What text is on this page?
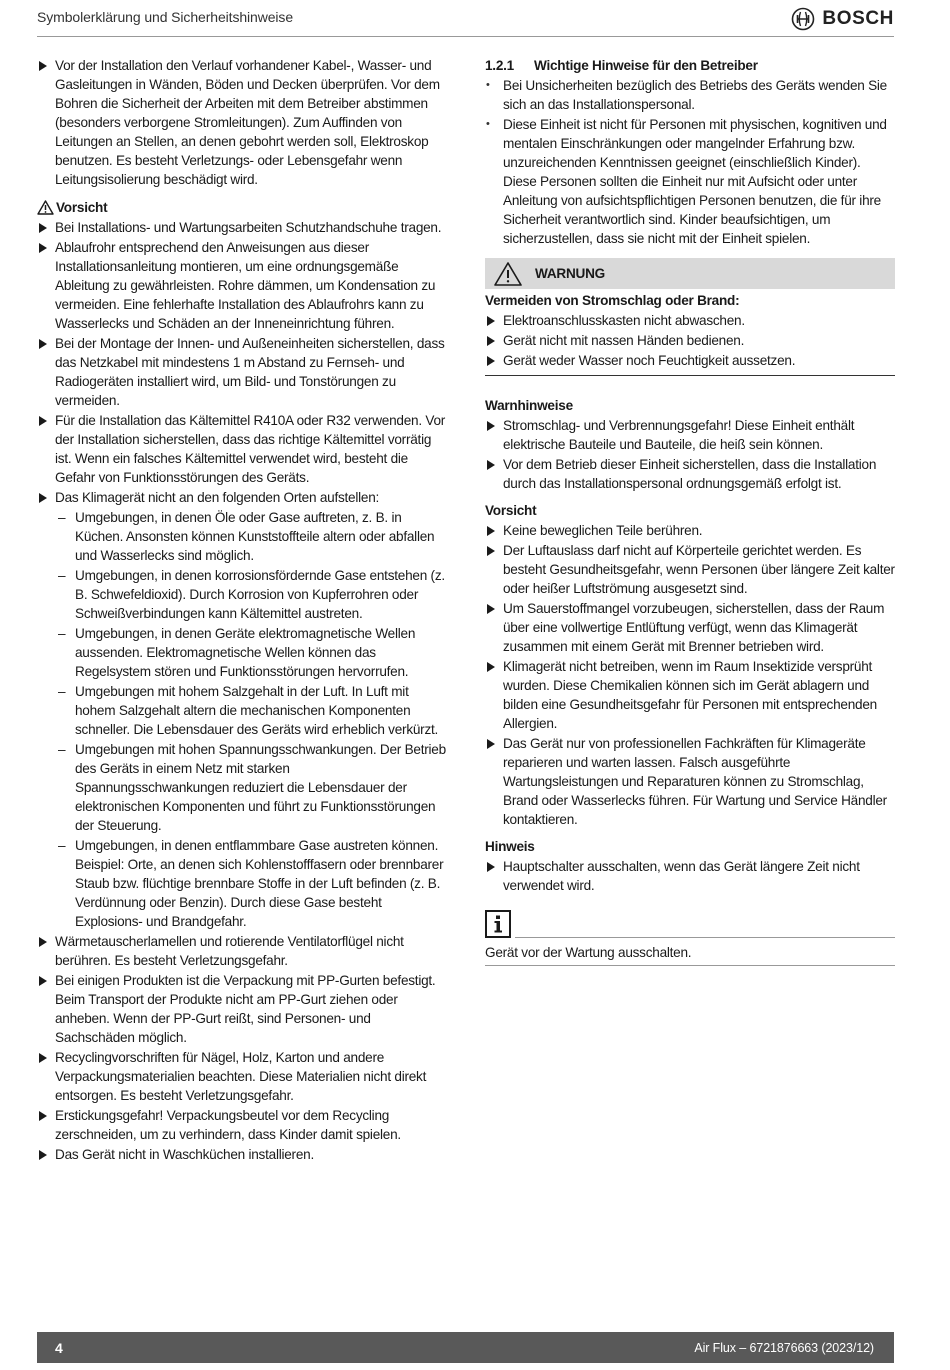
Symbolerklärung und Sicherheitshinweise	BOSCH
Vor der Installation den Verlauf vorhandener Kabel-, Wasser- und Gasleitungen in Wänden, Böden und Decken überprüfen. Vor dem Bohren die Sicherheit der Arbeiten mit dem Betreiber abstimmen (besonders verborgene Stromleitungen). Zum Auffinden von Leitungen an Stellen, an denen gebohrt werden soll, Elektroskop benutzen. Es besteht Verletzungs- oder Lebensgefahr wenn Leitungsisolierung beschädigt wird.
Vorsicht
Bei Installations- und Wartungsarbeiten Schutzhandschuhe tragen.
Ablaufrohr entsprechend den Anweisungen aus dieser Installationsanleitung montieren, um eine ordnungsgemäße Ableitung zu gewährleisten. Rohre dämmen, um Kondensation zu vermeiden. Eine fehlerhafte Installation des Ablaufrohrs kann zu Wasserlecks und Schäden an der Inneneinrichtung führen.
Bei der Montage der Innen- und Außeneinheiten sicherstellen, dass das Netzkabel mit mindestens 1 m Abstand zu Fernseh- und Radiogeräten installiert wird, um Bild- und Tonstörungen zu vermeiden.
Für die Installation das Kältemittel R410A oder R32 verwenden. Vor der Installation sicherstellen, dass das richtige Kältemittel vorrätig ist. Wenn ein falsches Kältemittel verwendet wird, besteht die Gefahr von Funktionsstörungen des Geräts.
Das Klimagerät nicht an den folgenden Orten aufstellen:
– Umgebungen, in denen Öle oder Gase auftreten, z. B. in Küchen. Ansonsten können Kunststoffteile altern oder abfallen und Wasserlecks sind möglich.
– Umgebungen, in denen korrosionsfördernde Gase entstehen (z. B. Schwefeldioxid). Durch Korrosion von Kupferrohren oder Schweißverbindungen kann Kältemittel austreten.
– Umgebungen, in denen Geräte elektromagnetische Wellen aussenden. Elektromagnetische Wellen können das Regelsystem stören und Funktionsstörungen hervorrufen.
– Umgebungen mit hohem Salzgehalt in der Luft. In Luft mit hohem Salzgehalt altern die mechanischen Komponenten schneller. Die Lebensdauer des Geräts wird erheblich verkürzt.
– Umgebungen mit hohen Spannungsschwankungen. Der Betrieb des Geräts in einem Netz mit starken Spannungsschwankungen reduziert die Lebensdauer der elektronischen Komponenten und führt zu Funktionsstörungen der Steuerung.
– Umgebungen, in denen entflammbare Gase austreten können. Beispiel: Orte, an denen sich Kohlenstofffasern oder brennbarer Staub bzw. flüchtige brennbare Stoffe in der Luft befinden (z. B. Verdünnung oder Benzin). Durch diese Gase besteht Explosions- und Brandgefahr.
Wärmetauscherlamellen und rotierende Ventilatorflügel nicht berühren. Es besteht Verletzungsgefahr.
Bei einigen Produkten ist die Verpackung mit PP-Gurten befestigt. Beim Transport der Produkte nicht am PP-Gurt ziehen oder anheben. Wenn der PP-Gurt reißt, sind Personen- und Sachschäden möglich.
Recyclingvorschriften für Nägel, Holz, Karton und andere Verpackungsmaterialien beachten. Diese Materialien nicht direkt entsorgen. Es besteht Verletzungsgefahr.
Erstickungsgefahr! Verpackungsbeutel vor dem Recycling zerschneiden, um zu verhindern, dass Kinder damit spielen.
Das Gerät nicht in Waschküchen installieren.
1.2.1 Wichtige Hinweise für den Betreiber
• Bei Unsicherheiten bezüglich des Betriebs des Geräts wenden Sie sich an das Installationspersonal.
• Diese Einheit ist nicht für Personen mit physischen, kognitiven und mentalen Einschränkungen oder mangelnder Erfahrung bzw. unzureichenden Kenntnissen geeignet (einschließlich Kinder). Diese Personen sollten die Einheit nur mit Aufsicht oder unter Anleitung von aufsichtspflichtigen Personen benutzen, die für ihre Sicherheit verantwortlich sind. Kinder beaufsichtigen, um sicherzustellen, dass sie nicht mit der Einheit spielen.
WARNUNG
Vermeiden von Stromschlag oder Brand:
Elektroanschlusskasten nicht abwaschen.
Gerät nicht mit nassen Händen bedienen.
Gerät weder Wasser noch Feuchtigkeit aussetzen.
Warnhinweise
Stromschlag- und Verbrennungsgefahr! Diese Einheit enthält elektrische Bauteile und Bauteile, die heiß sein können.
Vor dem Betrieb dieser Einheit sicherstellen, dass die Installation durch das Installationspersonal ordnungsgemäß erfolgt ist.
Vorsicht
Keine beweglichen Teile berühren.
Der Luftauslass darf nicht auf Körperteile gerichtet werden. Es besteht Gesundheitsgefahr, wenn Personen über längere Zeit kalter oder heißer Luftströmung ausgesetzt sind.
Um Sauerstoffmangel vorzubeugen, sicherstellen, dass der Raum über eine vollwertige Entlüftung verfügt, wenn das Klimagerät zusammen mit einem Gerät mit Brenner betrieben wird.
Klimagerät nicht betreiben, wenn im Raum Insektizide versprüht wurden. Diese Chemikalien können sich im Gerät ablagern und bilden eine Gesundheitsgefahr für Personen mit entsprechenden Allergien.
Das Gerät nur von professionellen Fachkräften für Klimageräte reparieren und warten lassen. Falsch ausgeführte Wartungsleistungen und Reparaturen können zu Stromschlag, Brand oder Wasserlecks führen. Für Wartung und Service Händler kontaktieren.
Hinweis
Hauptschalter ausschalten, wenn das Gerät längere Zeit nicht verwendet wird.
Gerät vor der Wartung ausschalten.
4	Air Flux – 6721876663 (2023/12)
